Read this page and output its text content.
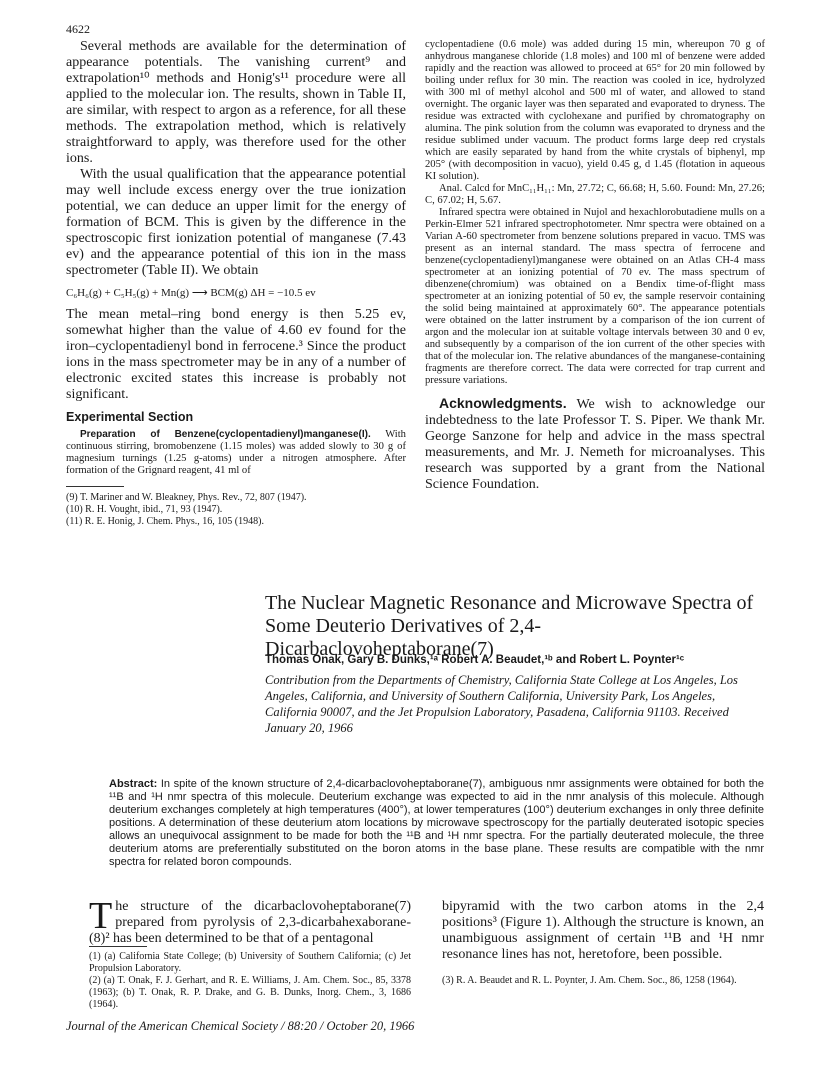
4622

Several methods are available for the determination of appearance potentials. The vanishing current⁹ and extrapolation¹⁰ methods and Honig's¹¹ procedure were all applied to the molecular ion. The results, shown in Table II, are similar, with respect to argon as a reference, for all these methods. The extrapolation method, which is relatively straightforward to apply, was therefore used for the other ions.

With the usual qualification that the appearance potential may well include excess energy over the true ionization potential, we can deduce an upper limit for the energy of formation of BCM. This is given by the difference in the spectroscopic first ionization potential of manganese (7.43 ev) and the appearance potential of this ion in the mass spectrometer (Table II). We obtain

C₆H₆(g) + C₅H₅(g) + Mn(g) ⟶ BCM(g) ΔH = −10.5 ev

The mean metal–ring bond energy is then 5.25 ev, somewhat higher than the value of 4.60 ev found for the iron–cyclopentadienyl bond in ferrocene.³ Since the product ions in the mass spectrometer may be in any of a number of electronic excited states this increase is probably not significant.

Experimental Section

Preparation of Benzene(cyclopentadienyl)manganese(I). With continuous stirring, bromobenzene (1.15 moles) was added slowly to 30 g of magnesium turnings (1.25 g-atoms) under a nitrogen atmosphere. After formation of the Grignard reagent, 41 ml of

(9) T. Mariner and W. Bleakney, Phys. Rev., 72, 807 (1947).
(10) R. H. Vought, ibid., 71, 93 (1947).
(11) R. E. Honig, J. Chem. Phys., 16, 105 (1948).

cyclopentadiene (0.6 mole) was added during 15 min, whereupon 70 g of anhydrous manganese chloride (1.8 moles) and 100 ml of benzene were added rapidly and the reaction was allowed to proceed at 65° for 20 min followed by boiling under reflux for 30 min. The reaction was cooled in ice, hydrolyzed with 300 ml of methyl alcohol and 500 ml of water, and allowed to stand overnight. The organic layer was then separated and evaporated to dryness. The residue was extracted with cyclohexane and purified by chromatography on alumina. The pink solution from the column was evaporated to dryness and the residue sublimed under vacuum. The product forms large deep red crystals which are easily separated by hand from the white crystals of biphenyl, mp 205° (with decomposition in vacuo), yield 0.45 g, d 1.45 (flotation in aqueous KI solution).

Anal. Calcd for MnC₁₁H₁₁: Mn, 27.72; C, 66.68; H, 5.60. Found: Mn, 27.26; C, 67.02; H, 5.67.

Infrared spectra were obtained in Nujol and hexachlorobutadiene mulls on a Perkin-Elmer 521 infrared spectrophotometer. Nmr spectra were obtained on a Varian A-60 spectrometer from benzene solutions prepared in vacuo. TMS was present as an internal standard. The mass spectra of ferrocene and benzene(cyclopentadienyl)manganese were obtained on an Atlas CH-4 mass spectrometer at an ionizing potential of 70 ev. The mass spectrum of dibenzene(chromium) was obtained on a Bendix time-of-flight mass spectrometer at an ionizing potential of 50 ev, the sample reservoir containing the solid being maintained at approximately 60°. The appearance potentials were obtained on the latter instrument by a comparison of the ion current of argon and the molecular ion at suitable voltage intervals between 30 and 0 ev, and subsequently by a comparison of the ion current of the other species with that of the molecular ion. The relative abundances of the manganese-containing fragments are therefore correct. The data were corrected for trap current and pressure variations.

Acknowledgments. We wish to acknowledge our indebtedness to the late Professor T. S. Piper. We thank Mr. George Sanzone for help and advice in the mass spectral measurements, and Mr. J. Nemeth for microanalyses. This research was supported by a grant from the National Science Foundation.

The Nuclear Magnetic Resonance and Microwave Spectra of Some Deuterio Derivatives of 2,4-Dicarbaclovoheptaborane(7)
Thomas Onak, Gary B. Dunks,¹ᵃ Robert A. Beaudet,¹ᵇ and Robert L. Poynter¹ᶜ
Contribution from the Departments of Chemistry, California State College at Los Angeles, Los Angeles, California, and University of Southern California, University Park, Los Angeles, California 90007, and the Jet Propulsion Laboratory, Pasadena, California 91103. Received January 20, 1966
Abstract: In spite of the known structure of 2,4-dicarbaclovoheptaborane(7), ambiguous nmr assignments were obtained for both the ¹¹B and ¹H nmr spectra of this molecule. Deuterium exchange was expected to aid in the nmr analysis of this molecule. Although deuterium exchanges completely at high temperatures (400°), at lower temperatures (100°) deuterium exchanges in only three definite positions. A determination of these deuterium atom locations by microwave spectroscopy for the partially deuterated isotopic species allows an unequivocal assignment to be made for both the ¹¹B and ¹H nmr spectra. For the partially deuterated molecule, the three deuterium atoms are preferentially substituted on the boron atoms in the base plane. These results are compatible with the nmr spectra for related boron compounds.
The structure of the dicarbaclovoheptaborane(7) prepared from pyrolysis of 2,3-dicarbahexaborane-(8)² has been determined to be that of a pentagonal
(1) (a) California State College; (b) University of Southern California; (c) Jet Propulsion Laboratory.
(2) (a) T. Onak, F. J. Gerhart, and R. E. Williams, J. Am. Chem. Soc., 85, 3378 (1963); (b) T. Onak, R. P. Drake, and G. B. Dunks, Inorg. Chem., 3, 1686 (1964).
bipyramid with the two carbon atoms in the 2,4 positions³ (Figure 1). Although the structure is known, an unambiguous assignment of certain ¹¹B and ¹H nmr resonance lines has not, heretofore, been possible.
(3) R. A. Beaudet and R. L. Poynter, J. Am. Chem. Soc., 86, 1258 (1964).
Journal of the American Chemical Society / 88:20 / October 20, 1966
